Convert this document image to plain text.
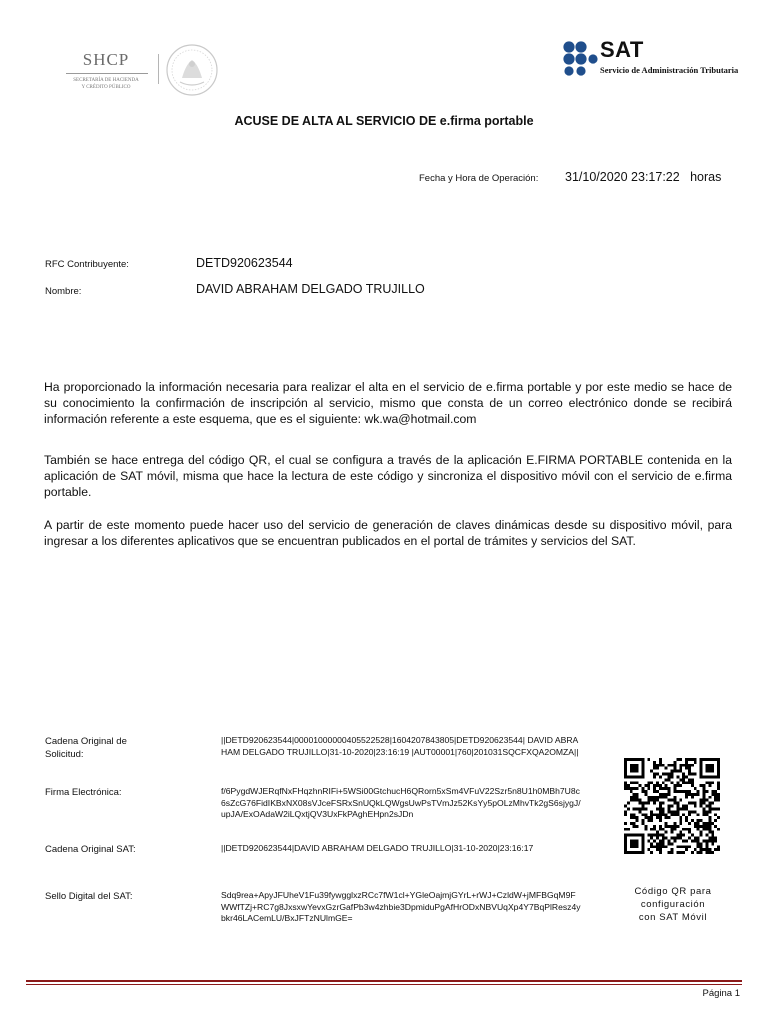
SHCP
SECRETARÍA DE HACIENDA
Y CRÉDITO PÚBLICO
SAT
Servicio de Administración Tributaria
ACUSE DE ALTA AL SERVICIO DE e.firma portable
Fecha y Hora de Operación: 31/10/2020 23:17:22   horas
RFC Contribuyente:	DETD920623544
Nombre:	DAVID ABRAHAM DELGADO TRUJILLO
Ha proporcionado la información necesaria para realizar el alta en el servicio de e.firma portable y por este medio se hace de su conocimiento la confirmación de inscripción al servicio, mismo que consta de un correo electrónico donde se recibirá información referente a este esquema, que es el siguiente: wk.wa@hotmail.com
También se hace entrega del código QR, el cual se configura a través de la aplicación E.FIRMA PORTABLE contenida en la aplicación de SAT móvil, misma que hace la lectura de este código y sincroniza el dispositivo móvil con el servicio de e.firma portable.
A partir de este momento puede hacer uso del servicio de generación de claves dinámicas desde su dispositivo móvil, para ingresar a los diferentes aplicativos que se encuentran publicados en el portal de trámites y servicios del SAT.
Cadena Original de Solicitud:
||DETD920623544|00001000000405522528|1604207843805|DETD920623544| DAVID ABRAHAM DELGADO TRUJILLO|31-10-2020|23:16:19 |AUT00001|760|201031SQCFXQA2OMZA||
Firma Electrónica:	f/6PygdWJERqfNxFHqzhnRIFi+5WSi00GtchucH6QRorn5xSm4VFuV22Szr5n8U1h0MBh7U8c6sZcG76FidIKBxNX08sVJceFSRxSnUQkLQWgsUwPsTVmJz52KsYy5pOLzMhvTk2gS6sjygJ/upJA/ExOAdaW2iLQxtjQV3UxFkPAghEHpn2sJDn
Cadena Original SAT:	||DETD920623544|DAVID ABRAHAM DELGADO TRUJILLO|31-10-2020|23:16:17
Sello Digital del SAT:	Sdq9rea+ApyJFUheV1Fu39fywgglxzRCc7fW1cl+YGleOajmjGYrL+rWJ+CzldW+jMFBGqM9FWWfTZj+RC7g8JxsxwYevxGzrGafPb3w4zhbie3DpmiduPgAfHrODxNBVUqXp4Y7BqPlResz4ybkr46LACemLU/BxJFTzNUlmGE=
Código QR para
configuración
con SAT Móvil
Página 1
